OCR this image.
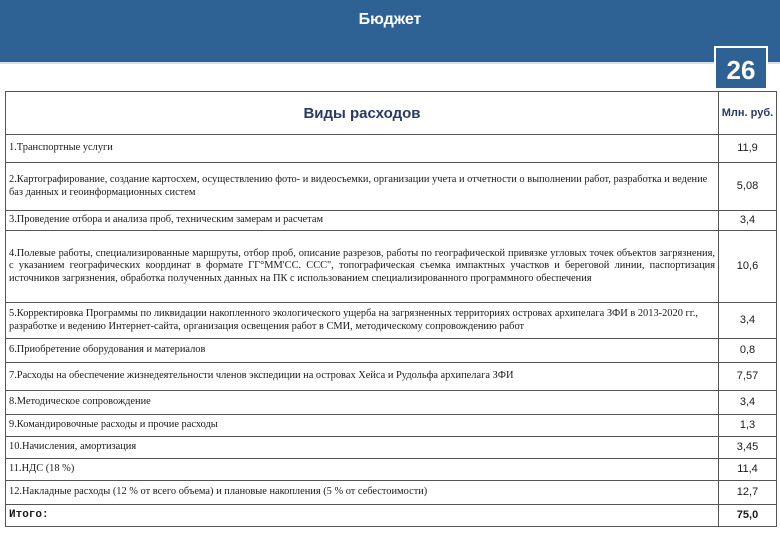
Бюджет
26
Виды расходов	Млн. руб.
1.Транспортные услуги	11,9
2.Картографирование, создание картосхем, осуществлению фото- и видеосъемки, организации учета и отчетности о выполнении работ, разработка и ведение баз данных и геоинформационных систем	5,08
3.Проведение отбора и анализа проб, техническим замерам и расчетам	3,4
4.Полевые работы, специализированные маршруты, отбор проб, описание разрезов, работы по географической привязке угловых точек объектов загрязнения, с указанием географических координат в формате ГГ°ММ'СС. ССС", топографическая съемка импактных участков и береговой линии, паспортизация источников загрязнения, обработка полученных данных на ПК с использованием специализированного программного обеспечения	10,6
5.Корректировка Программы по ликвидации накопленного экологического ущерба на загрязненных территориях островах архипелага ЗФИ в 2013-2020 гг., разработке и ведению Интернет-сайта, организация освещения работ в СМИ, методическому сопровождению работ	3,4
6.Приобретение оборудования и материалов	0,8
7.Расходы на обеспечение жизнедеятельности членов экспедиции на островах Хейса и Рудольфа архипелага ЗФИ	7,57
8.Методическое сопровождение	3,4
9.Командировочные расходы и прочие расходы	1,3
10.Начисления, амортизация	3,45
11.НДС (18 %)	11,4
12.Накладные расходы (12 % от всего объема) и плановые накопления (5 % от себестоимости)	12,7
Итого:	75,0
